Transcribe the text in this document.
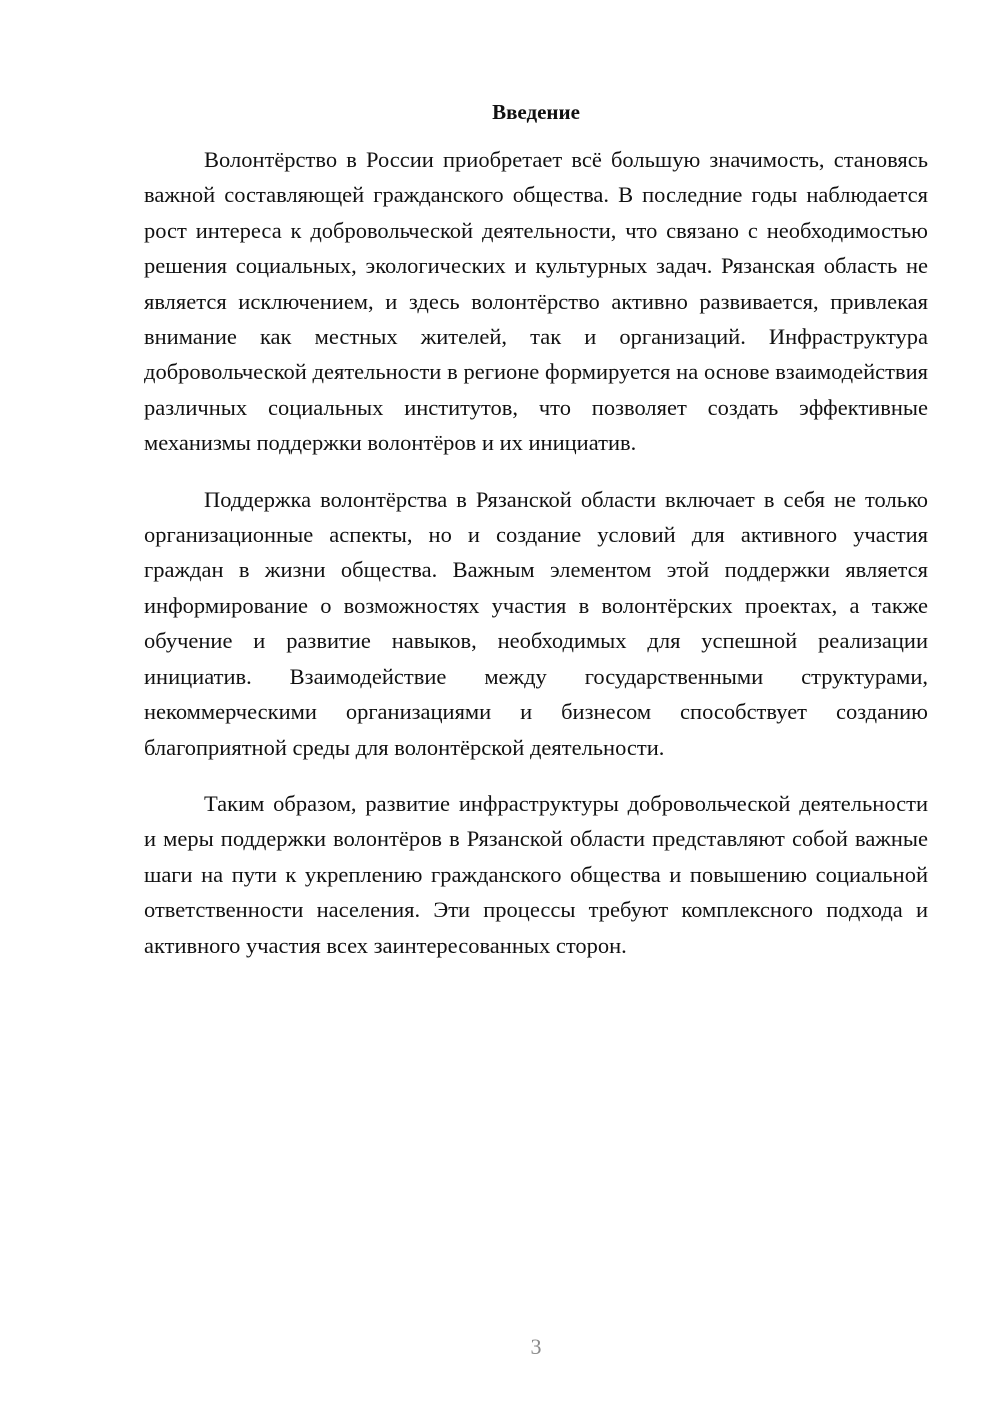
Введение

Волонтёрство в России приобретает всё большую значимость, становясь важной составляющей гражданского общества. В последние годы наблюдается рост интереса к добровольческой деятельности, что связано с необходимостью решения социальных, экологических и культурных задач. Рязанская область не является исключением, и здесь волонтёрство активно развивается, привлекая внимание как местных жителей, так и организаций. Инфраструктура добровольческой деятельности в регионе формируется на основе взаимодействия различных социальных институтов, что позволяет создать эффективные механизмы поддержки волонтёров и их инициатив.

Поддержка волонтёрства в Рязанской области включает в себя не только организационные аспекты, но и создание условий для активного участия граждан в жизни общества. Важным элементом этой поддержки является информирование о возможностях участия в волонтёрских проектах, а также обучение и развитие навыков, необходимых для успешной реализации инициатив. Взаимодействие между государственными структурами, некоммерческими организациями и бизнесом способствует созданию благоприятной среды для волонтёрской деятельности.

Таким образом, развитие инфраструктуры добровольческой деятельности и меры поддержки волонтёров в Рязанской области представляют собой важные шаги на пути к укреплению гражданского общества и повышению социальной ответственности населения. Эти процессы требуют комплексного подхода и активного участия всех заинтересованных сторон.

3
